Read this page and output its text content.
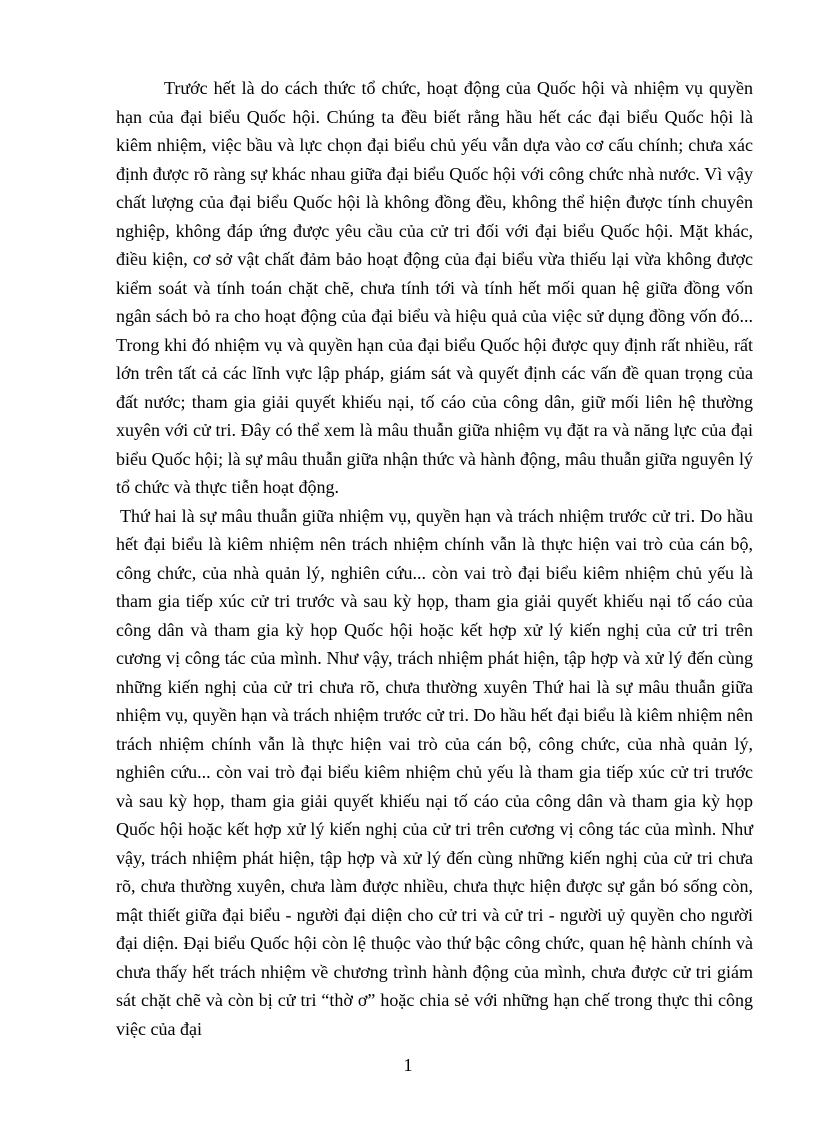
Trước hết là do cách thức tổ chức, hoạt động của Quốc hội và nhiệm vụ quyền hạn của đại biểu Quốc hội. Chúng ta đều biết rằng hầu hết các đại biểu Quốc hội là kiêm nhiệm, việc bầu và lực chọn đại biểu chủ yếu vẫn dựa vào cơ cấu chính; chưa xác định được rõ ràng sự khác nhau giữa đại biểu Quốc hội với công chức nhà nước. Vì vậy chất lượng của đại biểu Quốc hội là không đồng đều, không thể hiện được tính chuyên nghiệp, không đáp ứng được yêu cầu của cử tri đối với đại biểu Quốc hội. Mặt khác, điều kiện, cơ sở vật chất đảm bảo hoạt động của đại biểu vừa thiếu lại vừa không được kiểm soát và tính toán chặt chẽ, chưa tính tới và tính hết mối quan hệ giữa đồng vốn ngân sách bỏ ra cho hoạt động của đại biểu và hiệu quả của việc sử dụng đồng vốn đó... Trong khi đó nhiệm vụ và quyền hạn của đại biểu Quốc hội được quy định rất nhiều, rất lớn trên tất cả các lĩnh vực lập pháp, giám sát và quyết định các vấn đề quan trọng của đất nước; tham gia giải quyết khiếu nại, tố cáo của công dân, giữ mối liên hệ thường xuyên với cử tri. Đây có thể xem là mâu thuẫn giữa nhiệm vụ đặt ra và năng lực của đại biểu Quốc hội; là sự mâu thuẫn giữa nhận thức và hành động, mâu thuẫn giữa nguyên lý tổ chức và thực tiễn hoạt động.

Thứ hai là sự mâu thuẫn giữa nhiệm vụ, quyền hạn và trách nhiệm trước cử tri. Do hầu hết đại biểu là kiêm nhiệm nên trách nhiệm chính vẫn là thực hiện vai trò của cán bộ, công chức, của nhà quản lý, nghiên cứu... còn vai trò đại biểu kiêm nhiệm chủ yếu là tham gia tiếp xúc cử tri trước và sau kỳ họp, tham gia giải quyết khiếu nại tố cáo của công dân và tham gia kỳ họp Quốc hội hoặc kết hợp xử lý kiến nghị của cử tri trên cương vị công tác của mình. Như vậy, trách nhiệm phát hiện, tập hợp và xử lý đến cùng những kiến nghị của cử tri chưa rõ, chưa thường xuyên Thứ hai là sự mâu thuẫn giữa nhiệm vụ, quyền hạn và trách nhiệm trước cử tri. Do hầu hết đại biểu là kiêm nhiệm nên trách nhiệm chính vẫn là thực hiện vai trò của cán bộ, công chức, của nhà quản lý, nghiên cứu... còn vai trò đại biểu kiêm nhiệm chủ yếu là tham gia tiếp xúc cử tri trước và sau kỳ họp, tham gia giải quyết khiếu nại tố cáo của công dân và tham gia kỳ họp Quốc hội hoặc kết hợp xử lý kiến nghị của cử tri trên cương vị công tác của mình. Như vậy, trách nhiệm phát hiện, tập hợp và xử lý đến cùng những kiến nghị của cử tri chưa rõ, chưa thường xuyên, chưa làm được nhiều, chưa thực hiện được sự gắn bó sống còn, mật thiết giữa đại biểu - người đại diện cho cử tri và cử tri - người uỷ quyền cho người đại diện. Đại biểu Quốc hội còn lệ thuộc vào thứ bậc công chức, quan hệ hành chính và chưa thấy hết trách nhiệm về chương trình hành động của mình, chưa được cử tri giám sát chặt chẽ và còn bị cử tri “thờ ơ” hoặc chia sẻ với những hạn chế trong thực thi công việc của đại

1
